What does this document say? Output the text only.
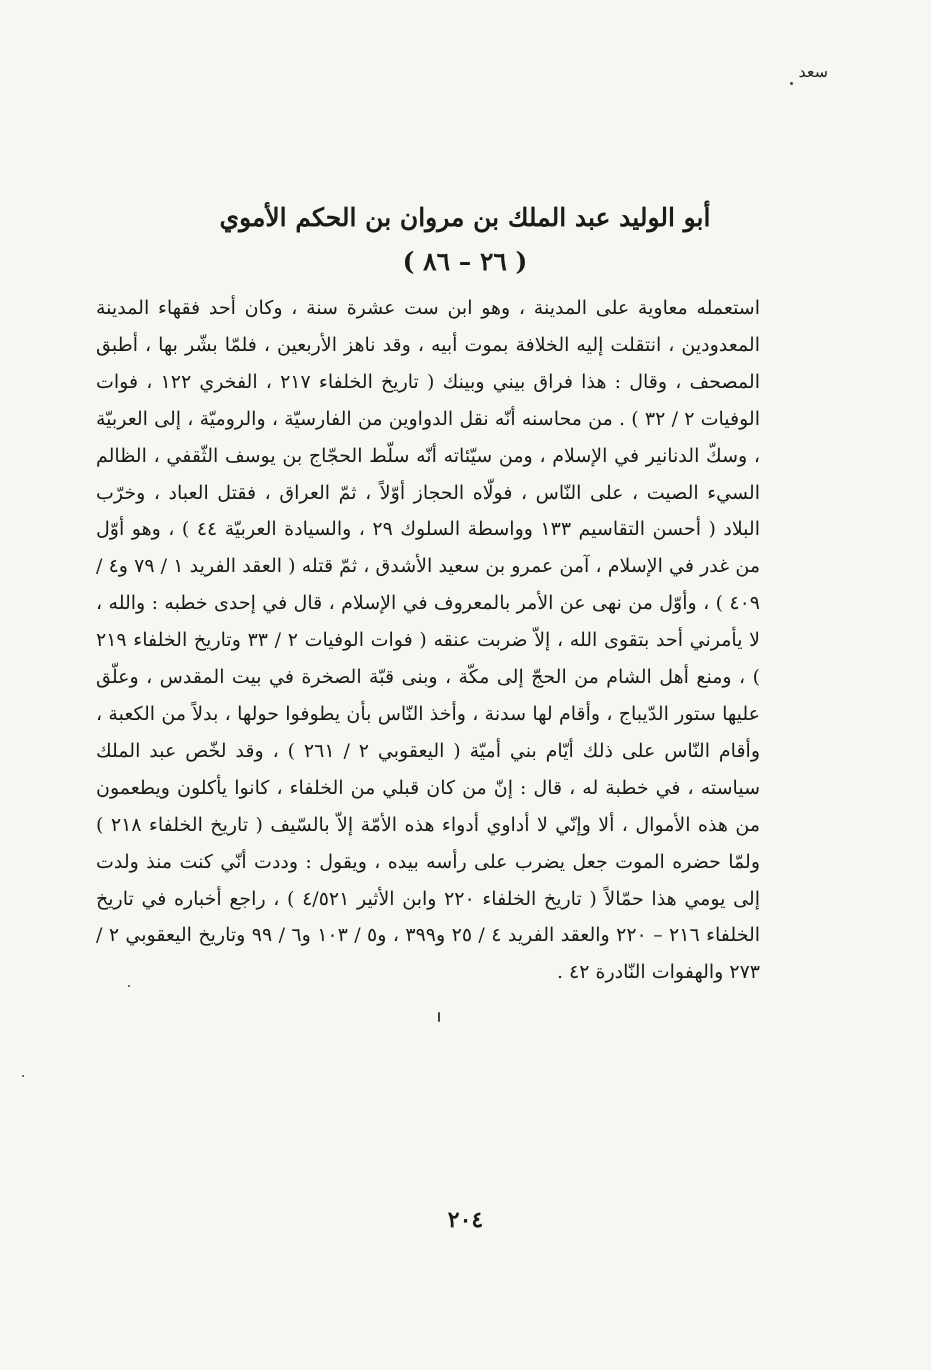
سعد
أبو الوليد عبد الملك بن مروان بن الحكم الأموي
( ٢٦ – ٨٦ )

استعمله معاوية على المدينة ، وهو ابن ست عشرة سنة ، وكان أحد فقهاء المدينة المعدودين ، انتقلت إليه الخلافة بموت أبيه ، وقد ناهز الأربعين ، فلمّا بشّر بها ، أطبق المصحف ، وقال : هذا فراق بيني وبينك ( تاريخ الخلفاء ٢١٧ ، الفخري ١٢٢ ، فوات الوفيات ٢ / ٣٢ ) . من محاسنه أنّه نقل الدواوين من الفارسيّة ، والروميّة ، إلى العربيّة ، وسكّ الدنانير في الإسلام ، ومن سيّئاته أنّه سلّط الحجّاج بن يوسف الثّقفي ، الظالم السيء الصيت ، على النّاس ، فولّاه الحجاز أوّلاً ، ثمّ العراق ، فقتل العباد ، وخرّب البلاد ( أحسن التقاسيم ١٣٣ وواسطة السلوك ٢٩ ، والسيادة العربيّة ٤٤ ) ، وهو أوّل من غدر في الإسلام ، آمن عمرو بن سعيد الأشدق ، ثمّ قتله ( العقد الفريد ١ / ٧٩ و٤ / ٤٠٩ ) ، وأوّل من نهى عن الأمر بالمعروف في الإسلام ، قال في إحدى خطبه : والله ، لا يأمرني أحد بتقوى الله ، إلاّ ضربت عنقه ( فوات الوفيات ٢ / ٣٣ وتاريخ الخلفاء ٢١٩ ) ، ومنع أهل الشام من الحجّ إلى مكّة ، وبنى قبّة الصخرة في بيت المقدس ، وعلّق عليها ستور الدّيباج ، وأقام لها سدنة ، وأخذ النّاس بأن يطوفوا حولها ، بدلاً من الكعبة ، وأقام النّاس على ذلك أيّام بني أميّة ( اليعقوبي ٢ / ٢٦١ ) ، وقد لخّص عبد الملك سياسته ، في خطبة له ، قال : إنّ من كان قبلي من الخلفاء ، كانوا يأكلون ويطعمون من هذه الأموال ، ألا وإنّي لا أداوي أدواء هذه الأمّة إلاّ بالسّيف ( تاريخ الخلفاء ٢١٨ ) ولمّا حضره الموت جعل يضرب على رأسه بيده ، ويقول : وددت أنّي كنت منذ ولدت إلى يومي هذا حمّالاً ( تاريخ الخلفاء ٢٢٠ وابن الأثير ٤/٥٢١ ) ، راجع أخباره في تاريخ الخلفاء ٢١٦ – ٢٢٠ والعقد الفريد ٤ / ٢٥ و٣٩٩ ، و٥ / ١٠٣ و٦ / ٩٩ وتاريخ اليعقوبي ٢ / ٢٧٣ والهفوات النّادرة ٤٢ .

٢٠٤
